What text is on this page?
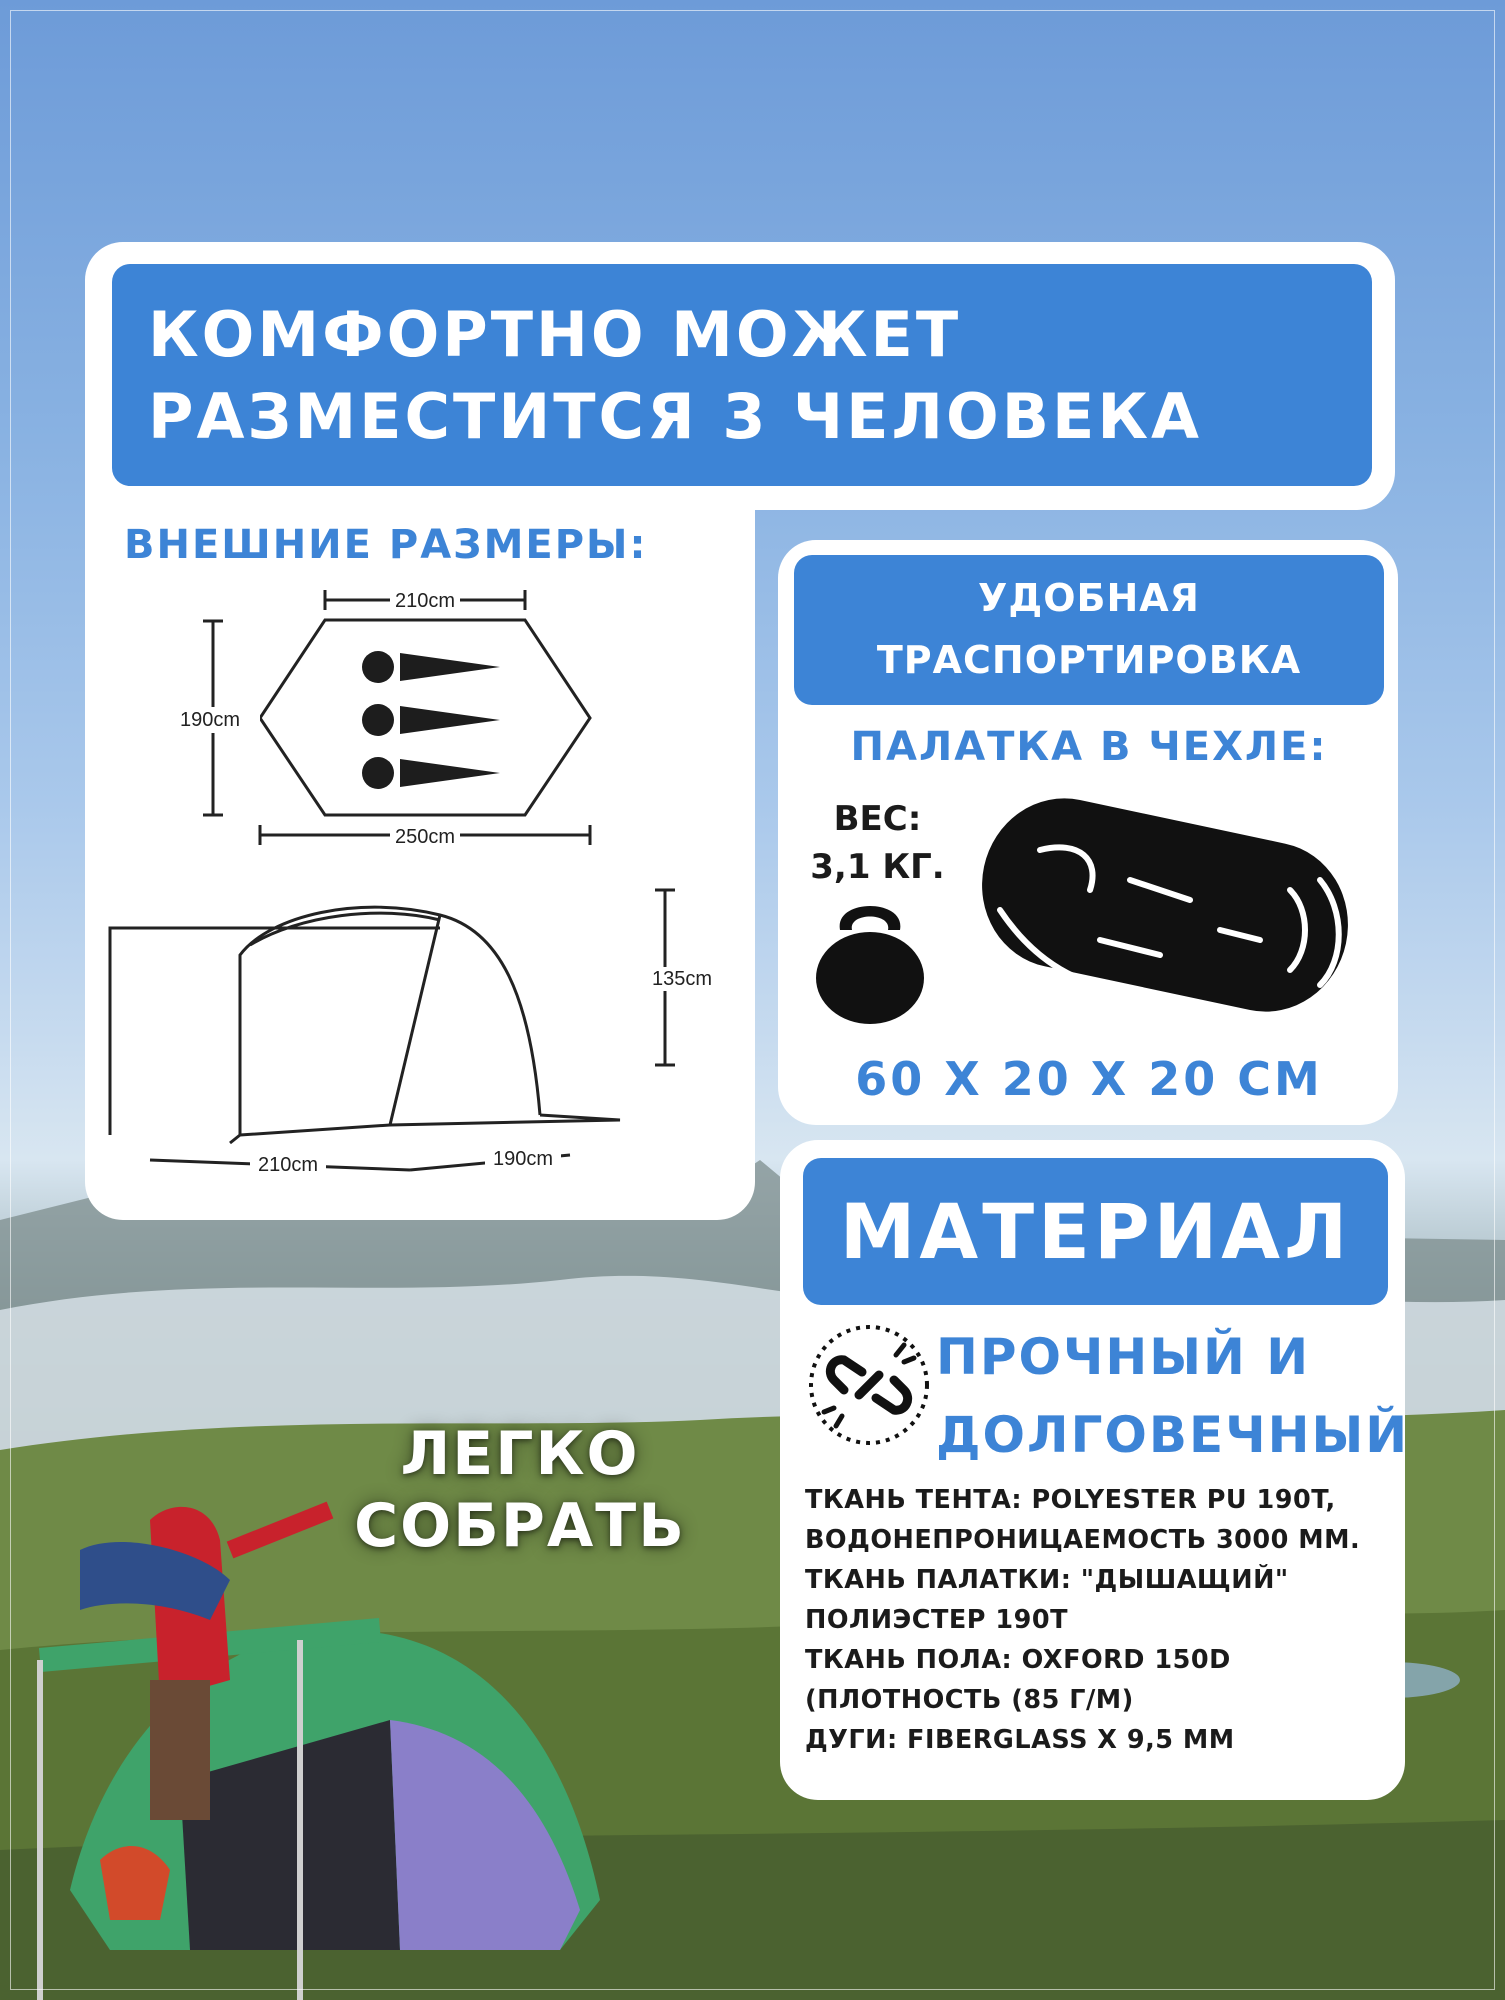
КОМФОРТНО МОЖЕТ
РАЗМЕСТИТСЯ 3 ЧЕЛОВЕКА
ВНЕШНИЕ РАЗМЕРЫ:
210cm
190cm
250cm
135cm
210cm	190cm
УДОБНАЯ
ТРАСПОРТИРОВКА
ПАЛАТКА В ЧЕХЛЕ:
ВЕС:
3,1 КГ.
60 X 20 X 20 CM
МАТЕРИАЛ
ПРОЧНЫЙ И
ДОЛГОВЕЧНЫЙ
ТКАНЬ ТЕНТА: POLYESTER PU 190T,
ВОДОНЕПРОНИЦАЕМОСТЬ 3000 ММ.
ТКАНЬ ПАЛАТКИ: "ДЫШАЩИЙ"
ПОЛИЭСТЕР 190T
ТКАНЬ ПОЛА: OXFORD 150D
(ПЛОТНОСТЬ (85 Г/М)
ДУГИ: FIBERGLASS X 9,5 ММ
ЛЕГКО
СОБРАТЬ
